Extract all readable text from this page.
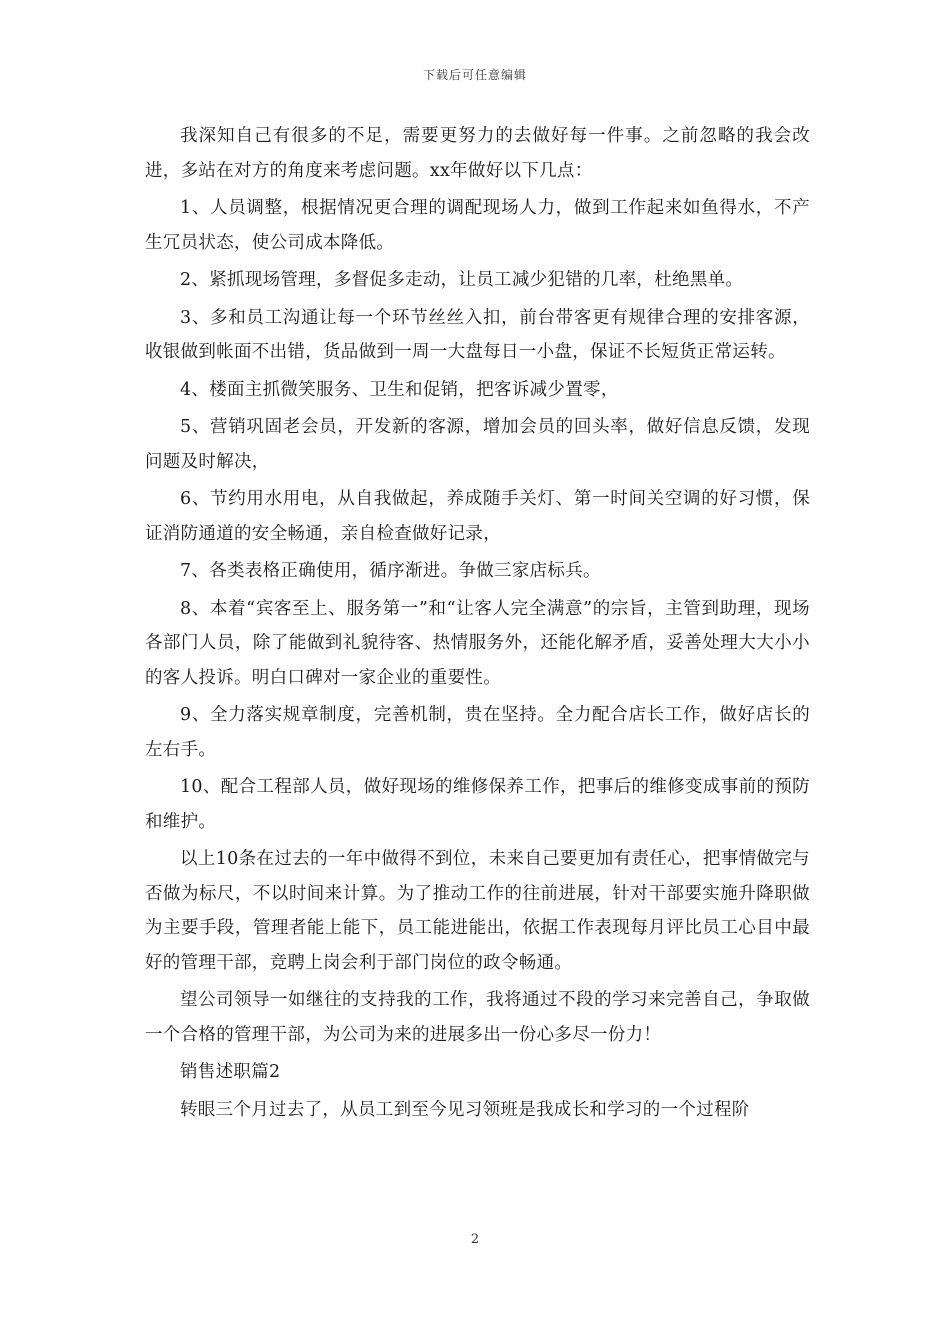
下载后可任意编辑

我深知自己有很多的不足，需要更努力的去做好每一件事。之前忽略的我会改进，多站在对方的角度来考虑问题。xx年做好以下几点：

1、人员调整，根据情况更合理的调配现场人力，做到工作起来如鱼得水，不产生冗员状态，使公司成本降低。

2、紧抓现场管理，多督促多走动，让员工减少犯错的几率，杜绝黑单。

3、多和员工沟通让每一个环节丝丝入扣，前台带客更有规律合理的安排客源，收银做到帐面不出错，货品做到一周一大盘每日一小盘，保证不长短货正常运转。

4、楼面主抓微笑服务、卫生和促销，把客诉减少置零，

5、营销巩固老会员，开发新的客源，增加会员的回头率，做好信息反馈，发现问题及时解决，

6、节约用水用电，从自我做起，养成随手关灯、第一时间关空调的好习惯，保证消防通道的安全畅通，亲自检查做好记录，

7、各类表格正确使用，循序渐进。争做三家店标兵。

8、本着“宾客至上、服务第一”和“让客人完全满意”的宗旨，主管到助理，现场各部门人员，除了能做到礼貌待客、热情服务外，还能化解矛盾，妥善处理大大小小的客人投诉。明白口碑对一家企业的重要性。

9、全力落实规章制度，完善机制，贵在坚持。全力配合店长工作，做好店长的左右手。

10、配合工程部人员，做好现场的维修保养工作，把事后的维修变成事前的预防和维护。

以上10条在过去的一年中做得不到位，未来自己要更加有责任心，把事情做完与否做为标尺，不以时间来计算。为了推动工作的往前进展，针对干部要实施升降职做为主要手段，管理者能上能下，员工能进能出，依据工作表现每月评比员工心目中最好的管理干部，竞聘上岗会利于部门岗位的政令畅通。

望公司领导一如继往的支持我的工作，我将通过不段的学习来完善自己，争取做一个合格的管理干部，为公司为来的进展多出一份心多尽一份力！

销售述职篇2

转眼三个月过去了，从员工到至今见习领班是我成长和学习的一个过程阶

2
